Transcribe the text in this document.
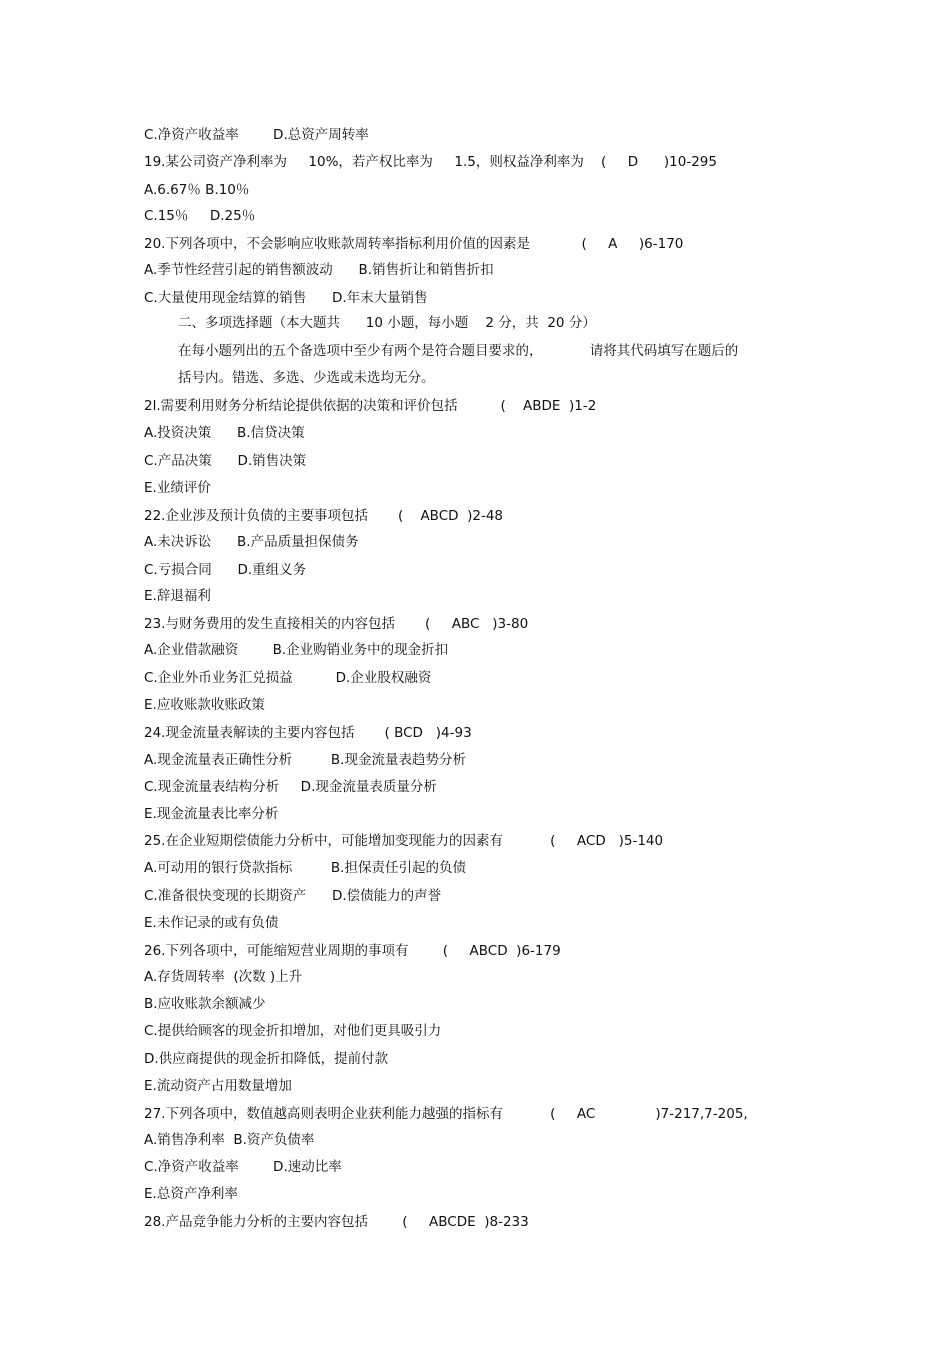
C.净资产收益率        D.总资产周转率
19.某公司资产净利率为     10%，若产权比率为     1.5，则权益净利率为    (     D      )10-295
A.6.67％ B.10％
C.15％     D.25％
20.下列各项中，不会影响应收账款周转率指标利用价值的因素是            (     A     )6-170
A.季节性经营引起的销售额波动      B.销售折让和销售折扣
C.大量使用现金结算的销售      D.年末大量销售
二、多项选择题（本大题共      10 小题，每小题    2 分，共  20 分）
在每小题列出的五个备选项中至少有两个是符合题目要求的，           请将其代码填写在题后的
括号内。错选、多选、少选或未选均无分。
2l.需要利用财务分析结论提供依据的决策和评价包括          (    ABDE  )1-2
A.投资决策      B.信贷决策
C.产品决策      D.销售决策
E.业绩评价
22.企业涉及预计负债的主要事项包括       (    ABCD  )2-48
A.未决诉讼      B.产品质量担保债务
C.亏损合同      D.重组义务
E.辞退福利
23.与财务费用的发生直接相关的内容包括       (     ABC   )3-80
A.企业借款融资        B.企业购销业务中的现金折扣
C.企业外币业务汇兑损益          D.企业股权融资
E.应收账款收账政策
24.现金流量表解读的主要内容包括       ( BCD   )4-93
A.现金流量表正确性分析         B.现金流量表趋势分析
C.现金流量表结构分析     D.现金流量表质量分析
E.现金流量表比率分析
25.在企业短期偿债能力分析中，可能增加变现能力的因素有           (     ACD   )5-140
A.可动用的银行贷款指标         B.担保责任引起的负债
C.准备很快变现的长期资产      D.偿债能力的声誉
E.未作记录的或有负债
26.下列各项中，可能缩短营业周期的事项有        (     ABCD  )6-179
A.存货周转率  (次数 )上升
B.应收账款余额减少
C.提供给顾客的现金折扣增加，对他们更具吸引力
D.供应商提供的现金折扣降低，提前付款
E.流动资产占用数量增加
27.下列各项中，数值越高则表明企业获利能力越强的指标有           (     AC              )7-217,7-205,
A.销售净利率  B.资产负债率
C.净资产收益率        D.速动比率
E.总资产净利率
28.产品竞争能力分析的主要内容包括        (     ABCDE  )8-233
